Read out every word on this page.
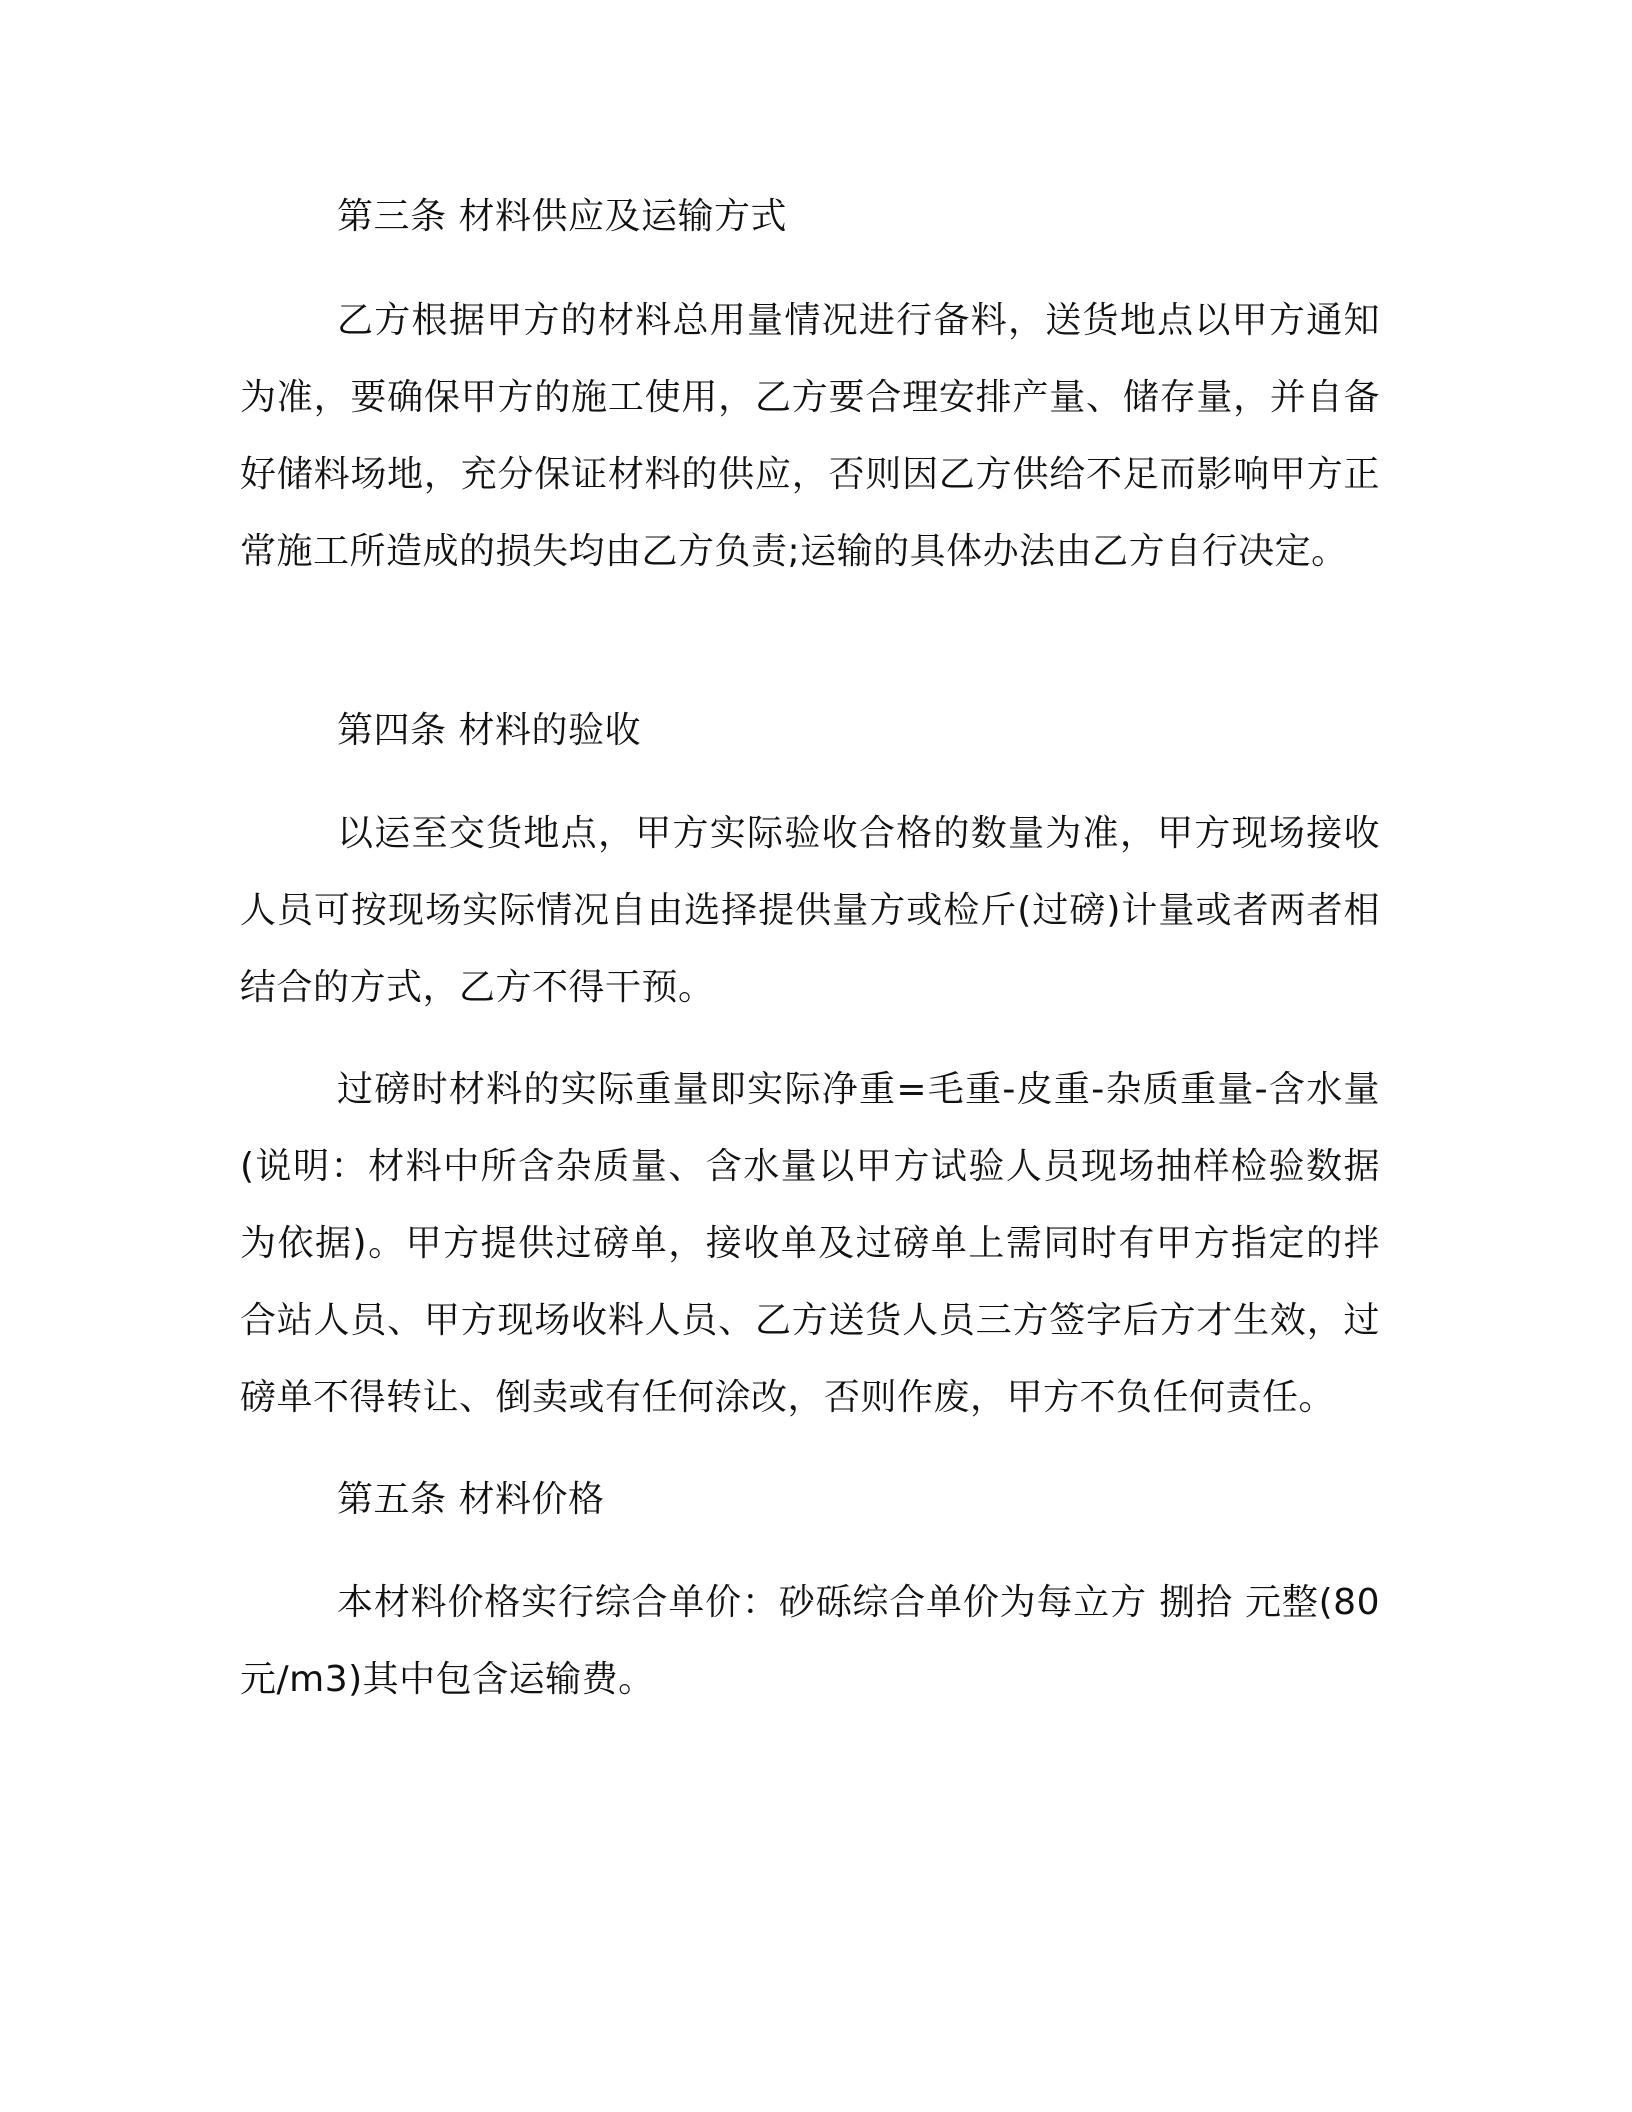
第三条 材料供应及运输方式

乙方根据甲方的材料总用量情况进行备料，送货地点以甲方通知为准，要确保甲方的施工使用，乙方要合理安排产量、储存量，并自备好储料场地，充分保证材料的供应，否则因乙方供给不足而影响甲方正常施工所造成的损失均由乙方负责;运输的具体办法由乙方自行决定。

第四条 材料的验收

以运至交货地点，甲方实际验收合格的数量为准，甲方现场接收人员可按现场实际情况自由选择提供量方或检斤(过磅)计量或者两者相结合的方式，乙方不得干预。

过磅时材料的实际重量即实际净重=毛重-皮重-杂质重量-含水量(说明：材料中所含杂质量、含水量以甲方试验人员现场抽样检验数据为依据)。甲方提供过磅单，接收单及过磅单上需同时有甲方指定的拌合站人员、甲方现场收料人员、乙方送货人员三方签字后方才生效，过磅单不得转让、倒卖或有任何涂改，否则作废，甲方不负任何责任。

第五条 材料价格

本材料价格实行综合单价：砂砾综合单价为每立方 捌拾 元整(80元/m3)其中包含运输费。
